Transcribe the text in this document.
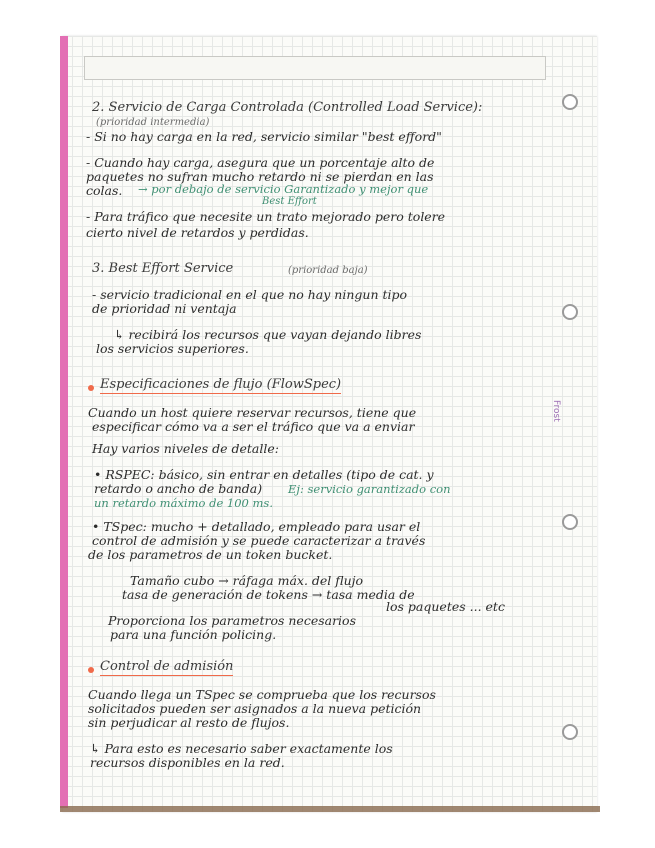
Frost
2. Servicio de Carga Controlada (Controlled Load Service):
(prioridad intermedia)
- Si no hay carga en la red, servicio similar "best efford"
- Cuando hay carga, asegura que un porcentaje alto de
paquetes no sufran mucho retardo ni se pierdan en las
colas. → por debajo de servicio Garantizado y mejor que
Best Effort
- Para tráfico que necesite un trato mejorado pero tolere
cierto nivel de retardos y perdidas.
3. Best Effort Service	(prioridad baja)
- servicio tradicional en el que no hay ningun tipo
de prioridad ni ventaja
↳ recibirá los recursos que vayan dejando libres
los servicios superiores.
Especificaciones de flujo (FlowSpec)
Cuando un host quiere reservar recursos, tiene que
especificar cómo va a ser el tráfico que va a enviar
Hay varios niveles de detalle:
• RSPEC: básico, sin entrar en detalles (tipo de cat. y
retardo o ancho de banda) Ej: servicio garantizado con
un retardo máximo de 100 ms.
• TSpec: mucho + detallado, empleado para usar el
control de admisión y se puede caracterizar a través
de los parametros de un token bucket.
Tamaño cubo → ráfaga máx. del flujo
tasa de generación de tokens → tasa media de
los paquetes ... etc
Proporciona los parametros necesarios
para una función policing.
Control de admisión
Cuando llega un TSpec se comprueba que los recursos
solicitados pueden ser asignados a la nueva petición
sin perjudicar al resto de flujos.
↳ Para esto es necesario saber exactamente los
recursos disponibles en la red.
